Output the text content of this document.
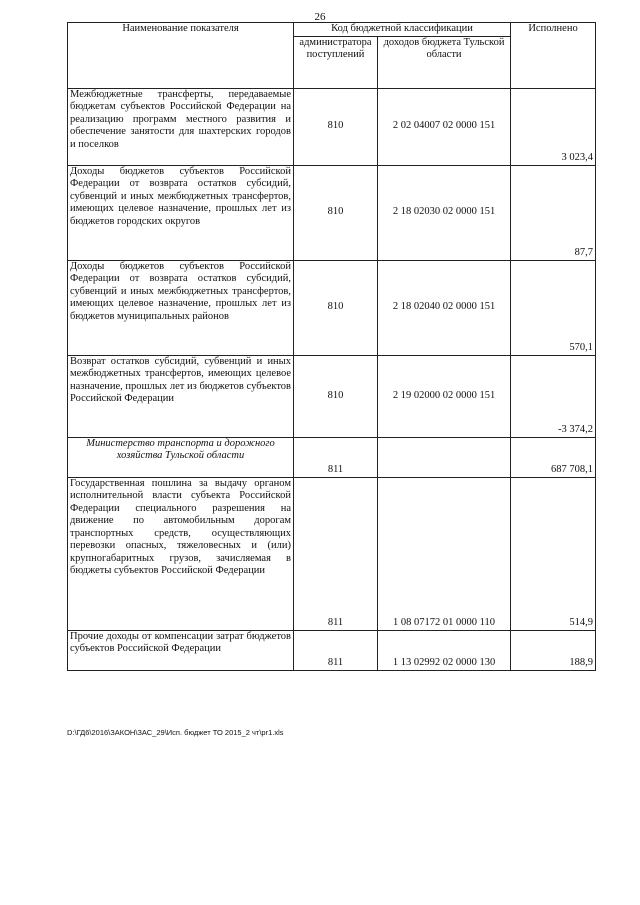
26
Наименование показателя	Код бюджетной классификации		Исполнено
	администратора поступлений	доходов бюджета Тульской области	
Межбюджетные трансферты, передаваемые бюджетам субъектов Российской Федерации на реализацию программ местного развития и обеспечение занятости для шахтерских городов и поселков	810	2 02 04007 02 0000 151	3 023,4
Доходы бюджетов субъектов Российской Федерации от возврата остатков субсидий, субвенций и иных межбюджетных трансфертов, имеющих целевое назначение, прошлых лет из бюджетов городских округов	810	2 18 02030 02 0000 151	87,7
Доходы бюджетов субъектов Российской Федерации от возврата остатков субсидий, субвенций и иных межбюджетных трансфертов, имеющих целевое назначение, прошлых лет из бюджетов муниципальных районов	810	2 18 02040 02 0000 151	570,1
Возврат остатков субсидий, субвенций и иных межбюджетных трансфертов, имеющих целевое назначение, прошлых лет из бюджетов субъектов Российской Федерации	810	2 19 02000 02 0000 151	-3 374,2
Министерство транспорта и дорожного хозяйства Тульской области	811		687 708,1
Государственная пошлина за выдачу органом исполнительной власти субъекта Российской Федерации специального разрешения на движение по автомобильным дорогам транспортных средств, осуществляющих перевозки опасных, тяжеловесных и (или) крупногабаритных грузов, зачисляемая в бюджеты субъектов Российской Федерации	811	1 08 07172 01 0000 110	514,9
Прочие доходы от компенсации затрат бюджетов субъектов Российской Федерации	811	1 13 02992 02 0000 130	188,9
D:\ГД6\2016\ЗАКОН\ЗАС_29\Исп. бюджет ТО 2015_2 чт\pr1.xls
